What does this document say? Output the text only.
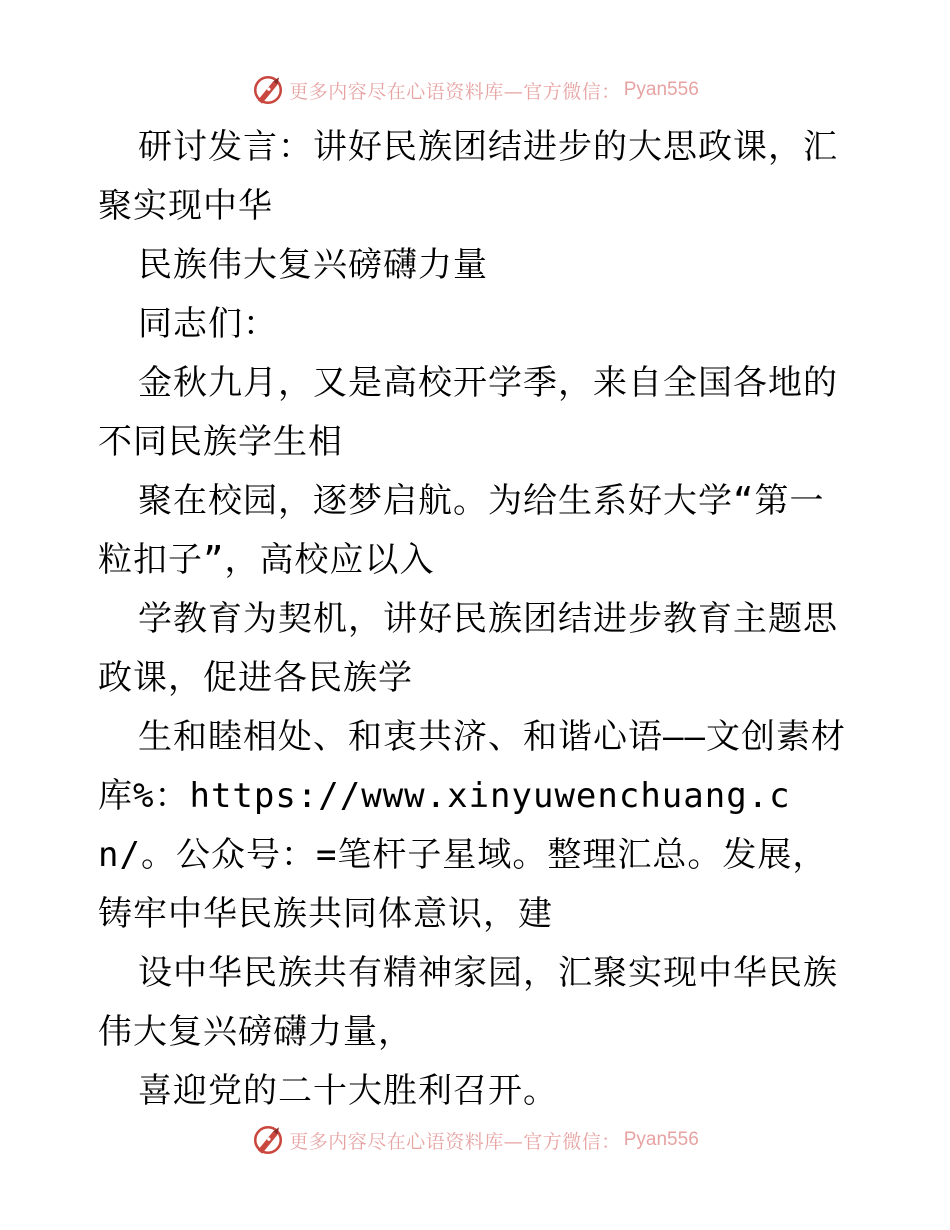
更多内容尽在心语资料库—官方微信： Pyan556

研讨发言：讲好民族团结进步的大思政课，汇聚实现中华

民族伟大复兴磅礴力量

同志们：

金秋九月，又是高校开学季，来自全国各地的不同民族学生相

聚在校园，逐梦启航。为给生系好大学“第一粒扣子”，高校应以入

学教育为契机，讲好民族团结进步教育主题思政课，促进各民族学

生和睦相处、和衷共济、和谐心语——文创素材库%：https://www.xinyuwenchuang.cn/。公众号：=笔杆子星域。整理汇总。发展，铸牢中华民族共同体意识，建

设中华民族共有精神家园，汇聚实现中华民族伟大复兴磅礴力量，

喜迎党的二十大胜利召开。

更多内容尽在心语资料库—官方微信： Pyan556
